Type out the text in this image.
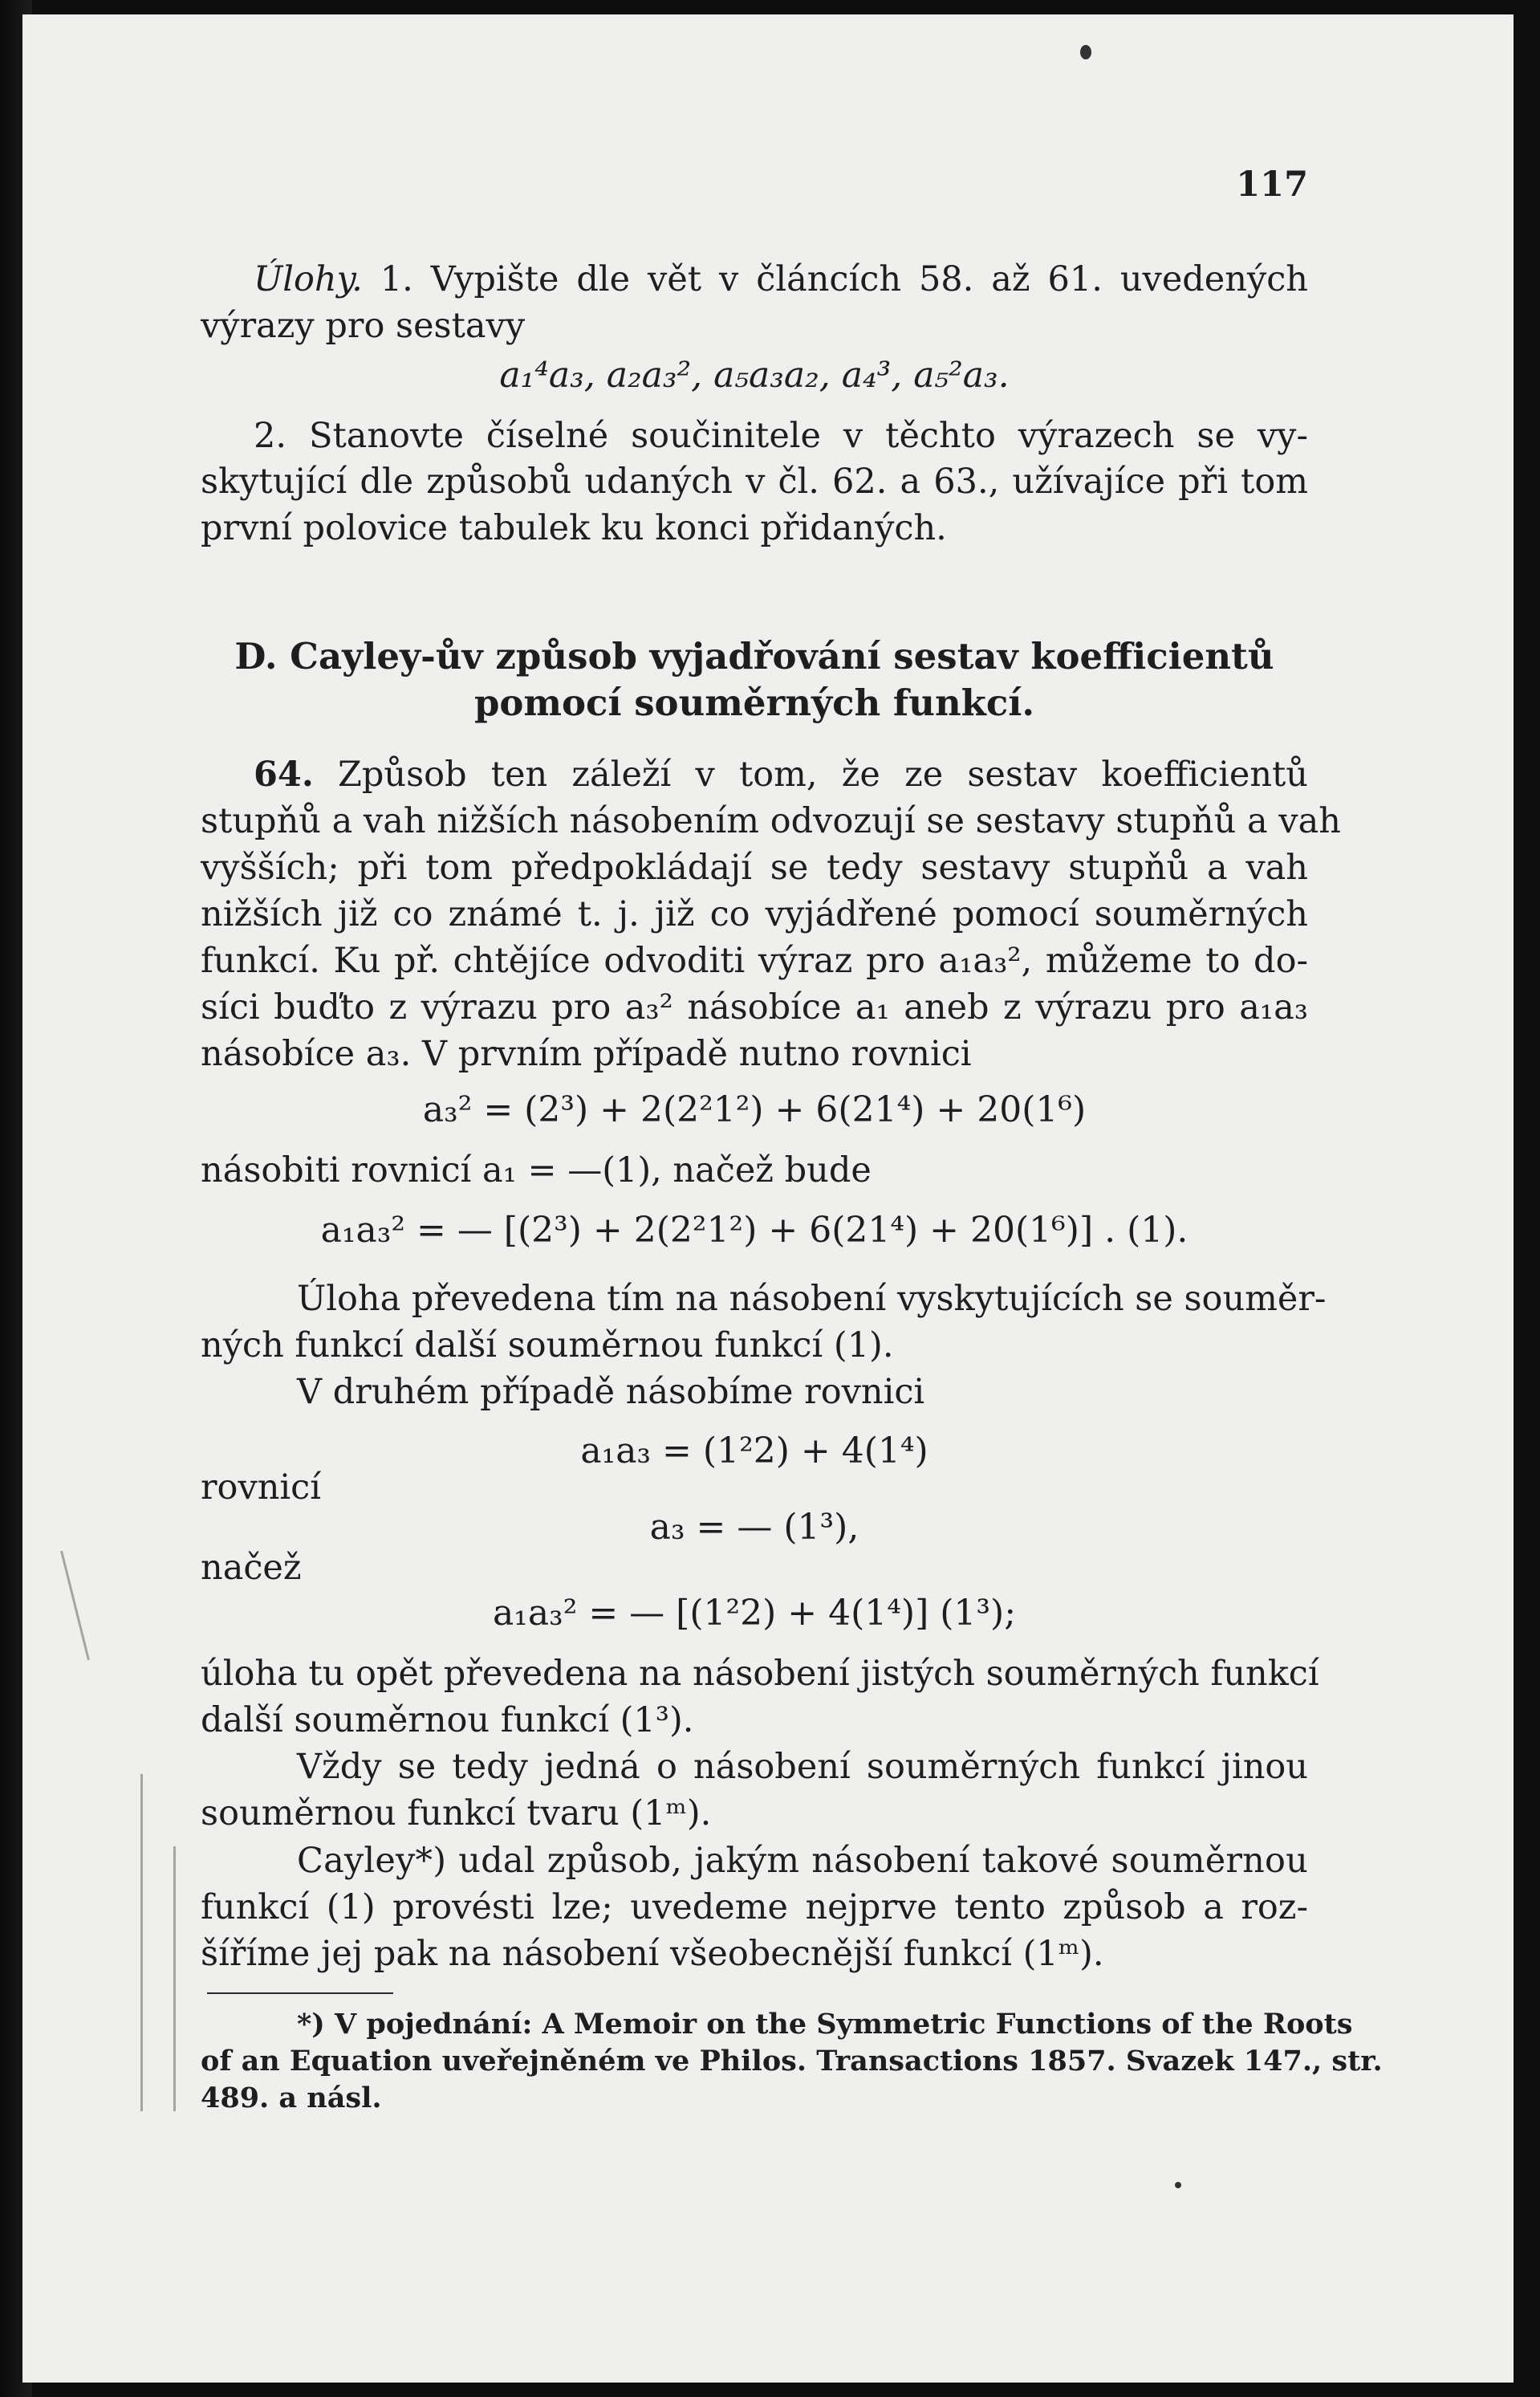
117
Úlohy. 1. Vypište dle vět v článcích 58. až 61. uvedených
výrazy pro sestavy
a₁⁴a₃, a₂a₃², a₅a₃a₂, a₄³, a₅²a₃.
2. Stanovte číselné součinitele v těchto výrazech se vy-
skytující dle způsobů udaných v čl. 62. a 63., užívajíce při tom
první polovice tabulek ku konci přidaných.
D. Cayley-ův způsob vyjadřování sestav koefficientů
pomocí souměrných funkcí.
64. Způsob ten záleží v tom, že ze sestav koefficientů
stupňů a vah nižších násobením odvozují se sestavy stupňů a vah
vyšších; při tom předpokládají se tedy sestavy stupňů a vah
nižších již co známé t. j. již co vyjádřené pomocí souměrných
funkcí. Ku př. chtějíce odvoditi výraz pro a₁a₃², můžeme to do-
síci buďto z výrazu pro a₃² násobíce a₁ aneb z výrazu pro a₁a₃
násobíce a₃. V prvním případě nutno rovnici
a₃² = (2³) + 2(2²1²) + 6(21⁴) + 20(1⁶)
násobiti rovnicí a₁ = —(1), načež bude
a₁a₃² = — [(2³) + 2(2²1²) + 6(21⁴) + 20(1⁶)] . (1).
Úloha převedena tím na násobení vyskytujících se souměr-
ných funkcí další souměrnou funkcí (1).
V druhém případě násobíme rovnici
a₁a₃ = (1²2) + 4(1⁴)
rovnicí
a₃ = — (1³),
načež
a₁a₃² = — [(1²2) + 4(1⁴)] (1³);
úloha tu opět převedena na násobení jistých souměrných funkcí
další souměrnou funkcí (1³).
Vždy se tedy jedná o násobení souměrných funkcí jinou
souměrnou funkcí tvaru (1ᵐ).
Cayley*) udal způsob, jakým násobení takové souměrnou
funkcí (1) provésti lze; uvedeme nejprve tento způsob a roz-
šíříme jej pak na násobení všeobecnější funkcí (1ᵐ).
*) V pojednání: A Memoir on the Symmetric Functions of the Roots
of an Equation uveřejněném ve Philos. Transactions 1857. Svazek 147., str.
489. a násl.
